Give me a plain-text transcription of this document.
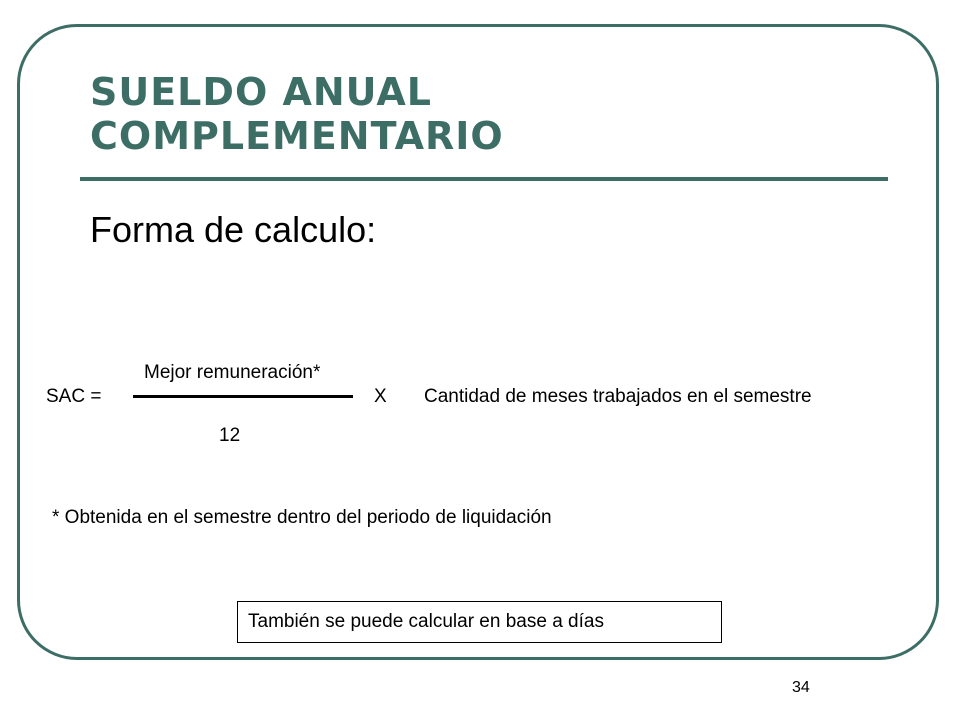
SUELDO ANUAL
COMPLEMENTARIO
Forma de calculo:
SAC =
Mejor remuneración*
12
X Cantidad de meses trabajados en el semestre
* Obtenida en el semestre dentro del periodo de liquidación
También se puede calcular en base a días
34
